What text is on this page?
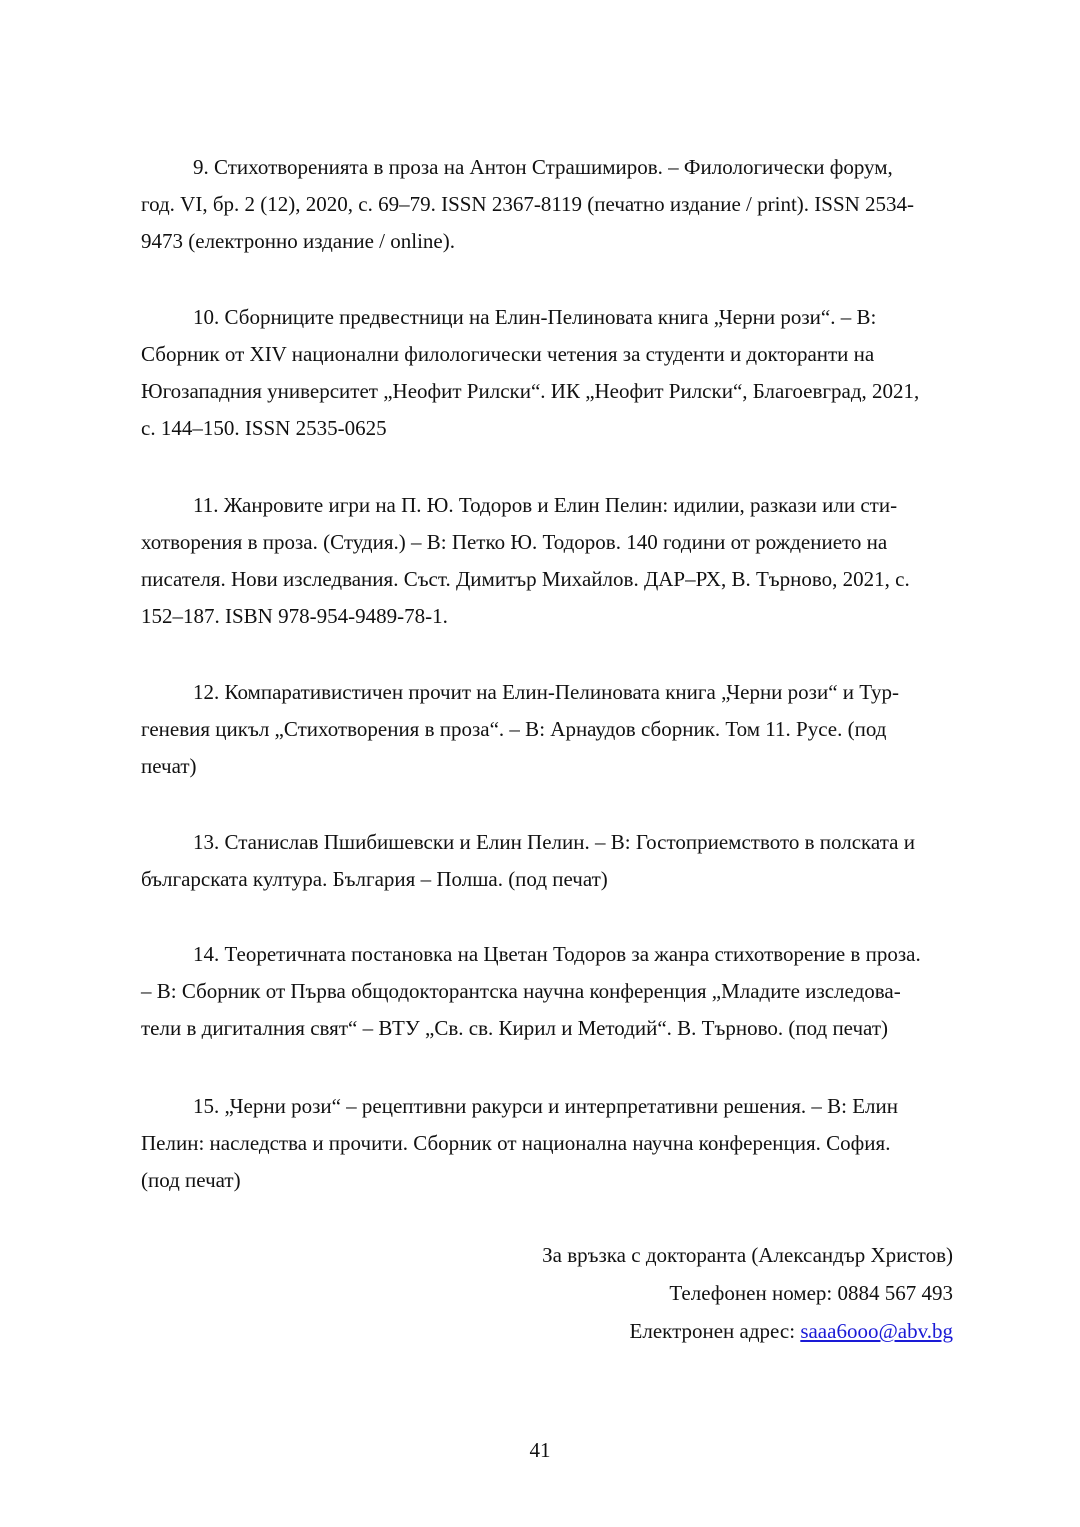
9. Стихотворенията в проза на Антон Страшимиров. – Филологически форум,
год. VI, бр. 2 (12), 2020, с. 69–79. ISSN 2367-8119 (печатно издание / print). ISSN 2534-
9473 (електронно издание / online).
10. Сборниците предвестници на Елин-Пелиновата книга „Черни рози“. – В:
Сборник от XIV национални филологически четения за студенти и докторанти на
Югозападния университет „Неофит Рилски“. ИК „Неофит Рилски“, Благоевград, 2021,
с. 144–150. ISSN 2535-0625
11. Жанровите игри на П. Ю. Тодоров и Елин Пелин: идилии, разкази или сти-
хотворения в проза. (Студия.) – В: Петко Ю. Тодоров. 140 години от рождението на
писателя. Нови изследвания. Съст. Димитър Михайлов. ДАР–РХ, В. Търново, 2021, с.
152–187. ISBN 978-954-9489-78-1.
12. Компаративистичен прочит на Елин-Пелиновата книга „Черни рози“ и Тур-
геневия цикъл „Стихотворения в проза“. – В: Арнаудов сборник. Том 11. Русе. (под
печат)
13. Станислав Пшибишевски и Елин Пелин. – В: Гостоприемството в полската и
българската култура. България – Полша. (под печат)
14. Теоретичната постановка на Цветан Тодоров за жанра стихотворение в проза.
– В: Сборник от Първа общодокторантска научна конференция „Младите изследова-
тели в дигиталния свят“ – ВТУ „Св. св. Кирил и Методий“. В. Търново. (под печат)
15. „Черни рози“ – рецептивни ракурси и интерпретативни решения. – В: Елин
Пелин: наследства и прочити. Сборник от национална научна конференция. София.
(под печат)
За връзка с докторанта (Александър Христов)
Телефонен номер: 0884 567 493
Електронен адрес: saaa6ooo@abv.bg
41
